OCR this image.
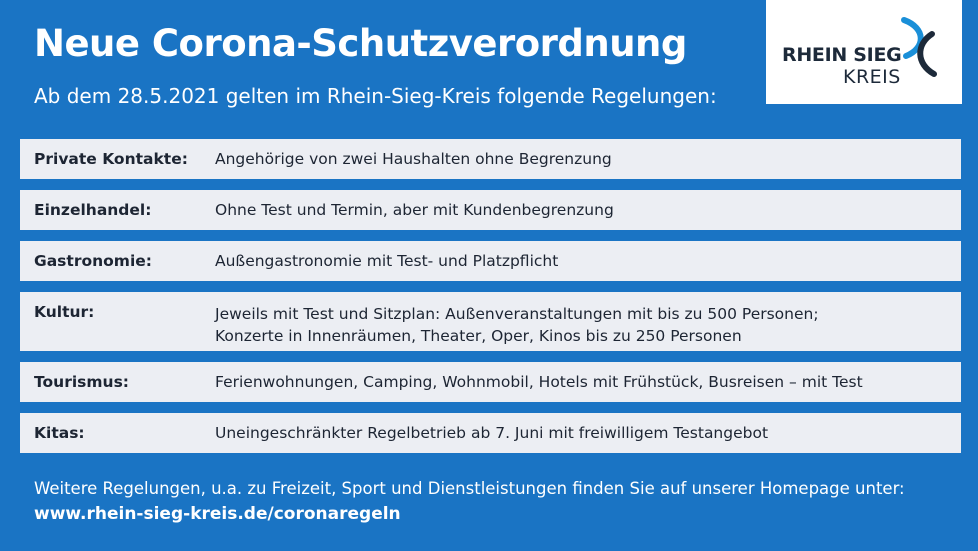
Neue Corona-Schutzverordnung

Ab dem 28.5.2021 gelten im Rhein-Sieg-Kreis folgende Regelungen:

RHEIN SIEG
KREIS
Private Kontakte:	Angehörige von zwei Haushalten ohne Begrenzung
Einzelhandel:	Ohne Test und Termin, aber mit Kundenbegrenzung
Gastronomie:	Außengastronomie mit Test- und Platzpflicht
Kultur:	Jeweils mit Test und Sitzplan: Außenveranstaltungen mit bis zu 500 Personen;
Konzerte in Innenräumen, Theater, Oper, Kinos bis zu 250 Personen
Tourismus:	Ferienwohnungen, Camping, Wohnmobil, Hotels mit Frühstück, Busreisen – mit Test
Kitas:	Uneingeschränkter Regelbetrieb ab 7. Juni mit freiwilligem Testangebot
Weitere Regelungen, u.a. zu Freizeit, Sport und Dienstleistungen finden Sie auf unserer Homepage unter:
www.rhein-sieg-kreis.de/coronaregeln
